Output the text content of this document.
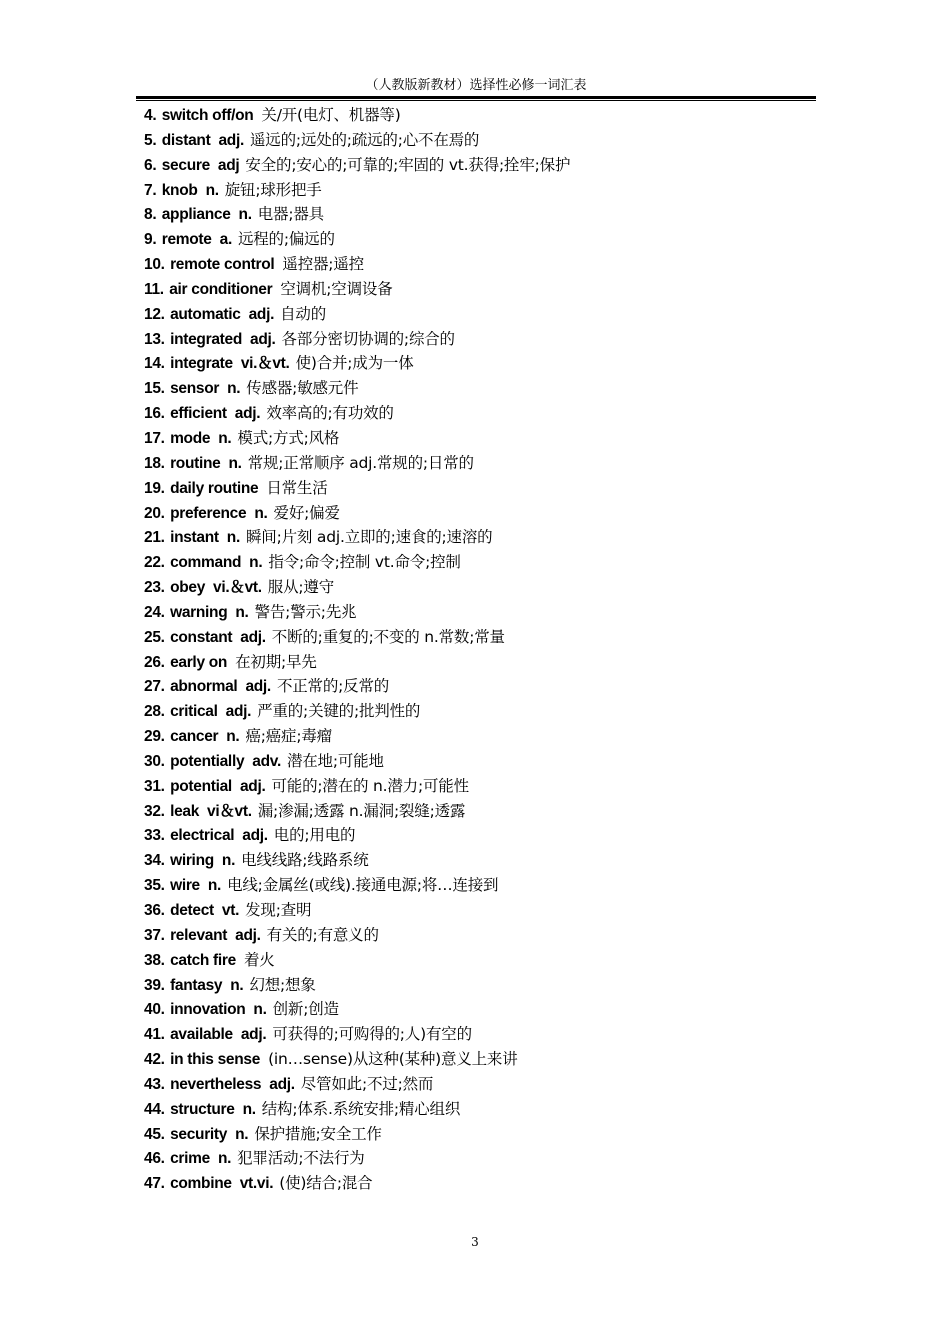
（人教版新教材）选择性必修一词汇表
4. switch off/on 关/开(电灯、机器等)
5. distant adj. 遥远的;远处的;疏远的;心不在焉的
6. secure adj 安全的;安心的;可靠的;牢固的 vt.获得;拴牢;保护
7. knob n. 旋钮;球形把手
8. appliance n. 电器;器具
9. remote a. 远程的;偏远的
10. remote control 遥控器;遥控
11. air conditioner 空调机;空调设备
12. automatic adj. 自动的
13. integrated adj. 各部分密切协调的;综合的
14. integrate vi.＆vt. 使)合并;成为一体
15. sensor n. 传感器;敏感元件
16. efficient adj. 效率高的;有功效的
17. mode n. 模式;方式;风格
18. routine n. 常规;正常顺序 adj.常规的;日常的
19. daily routine 日常生活
20. preference n. 爱好;偏爱
21. instant n. 瞬间;片刻 adj.立即的;速食的;速溶的
22. command n. 指令;命令;控制 vt.命令;控制
23. obey vi.＆vt. 服从;遵守
24. warning n. 警告;警示;先兆
25. constant adj. 不断的;重复的;不变的 n.常数;常量
26. early on 在初期;早先
27. abnormal adj. 不正常的;反常的
28. critical adj. 严重的;关键的;批判性的
29. cancer n. 癌;癌症;毒瘤
30. potentially adv. 潜在地;可能地
31. potential adj. 可能的;潜在的 n.潜力;可能性
32. leak vi＆vt. 漏;渗漏;透露 n.漏洞;裂缝;透露
33. electrical adj. 电的;用电的
34. wiring n. 电线线路;线路系统
35. wire n. 电线;金属丝(或线).接通电源;将…连接到
36. detect vt. 发现;查明
37. relevant adj. 有关的;有意义的
38. catch fire 着火
39. fantasy n. 幻想;想象
40. innovation n. 创新;创造
41. available adj. 可获得的;可购得的;人)有空的
42. in this sense (in…sense)从这种(某种)意义上来讲
43. nevertheless adj. 尽管如此;不过;然而
44. structure n. 结构;体系.系统安排;精心组织
45. security n. 保护措施;安全工作
46. crime n. 犯罪活动;不法行为
47. combine vt.vi. (使)结合;混合
3
